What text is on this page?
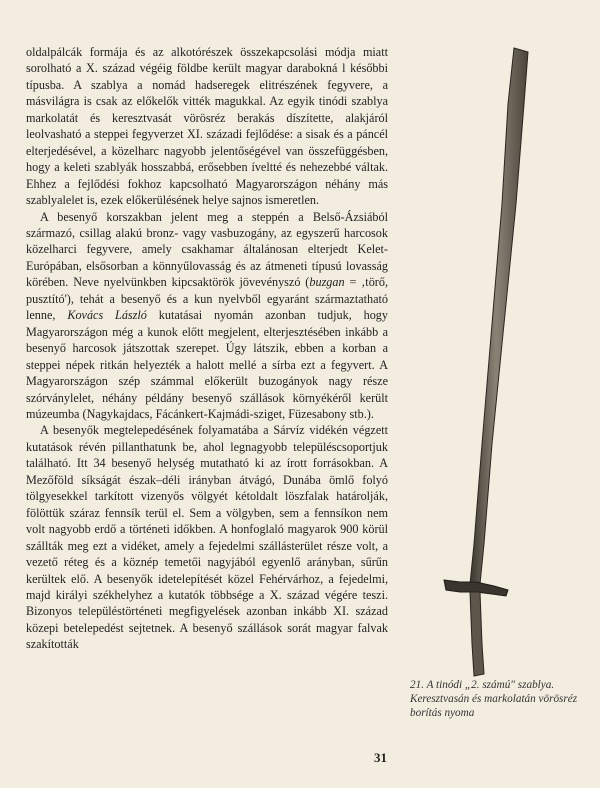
oldalpálcák formája és az alkotórészek összekapcsolási módja miatt sorolható a X. század végéig földbe került magyar darabokná l későbbi típusba. A szablya a nomád hadseregek elitrészének fegyvere, a másvilágra is csak az előkelők vitték magukkal. Az egyik tinódi szablya markolatát és keresztvasát vörösréz berakás díszítette, alakjáról leolvasható a steppei fegyverzet XI. századi fejlődése: a sisak és a páncél elterjedésével, a közelharc nagyobb jelentőségével van összefüggésben, hogy a keleti szablyák hosszabbá, erősebben íveltté és nehezebbé váltak. Ehhez a fejlődési fokhoz kapcsolható Magyarországon néhány más szablyalelet is, ezek előkerülésének helye sajnos ismeretlen.

A besenyő korszakban jelent meg a steppén a Belső-Ázsiából származó, csillag alakú bronz- vagy vasbuzogány, az egyszerű harcosok közelharci fegyvere, amely csakhamar általánosan elterjedt Kelet-Európában, elsősorban a könnyűlovasság és az átmeneti típusú lovasság körében. Neve nyelvünkben kipcsaktörök jövevényszó (buzgan = ‚törő, pusztító'), tehát a besenyő és a kun nyelvből egyaránt származtatható lenne, Kovács László kutatásai nyomán azonban tudjuk, hogy Magyarországon még a kunok előtt megjelent, elterjesztésében inkább a besenyő harcosok játszottak szerepet. Úgy látszik, ebben a korban a steppei népek ritkán helyezték a halott mellé a sírba ezt a fegyvert. A Magyarországon szép számmal előkerült buzogányok nagy része szórványlelet, néhány példány besenyő szállások környékéről került múzeumba (Nagykajdacs, Fácánkert-Kajmádi-sziget, Füzesabony stb.).

A besenyők megtelepedésének folyamatába a Sárvíz vidékén végzett kutatások révén pillanthatunk be, ahol legnagyobb településcsoportjuk található. Itt 34 besenyő helység mutatható ki az írott forrásokban. A Mezőföld síkságát észak–déli irányban átvágó, Dunába ömlő folyó tölgyesekkel tarkított vizenyős völgyét kétoldalt löszfalak határolják, fölöttük száraz fennsík terül el. Sem a völgyben, sem a fennsíkon nem volt nagyobb erdő a történeti időkben. A honfoglaló magyarok 900 körül szállták meg ezt a vidéket, amely a fejedelmi szállásterület része volt, a vezető réteg és a köznép temetői nagyjából egyenlő arányban, sűrűn kerültek elő. A besenyők idetelepítését közel Fehérvárhoz, a fejedelmi, majd királyi székhelyhez a kutatók többsége a X. század végére teszi. Bizonyos településtörténeti megfigyelések azonban inkább XI. század közepi betelepedést sejtetnek. A besenyő szállások sorát magyar falvak szakították

21. A tinódi „2. számú" szablya. Keresztvasán és markolatán vörösréz borítás nyoma
31
